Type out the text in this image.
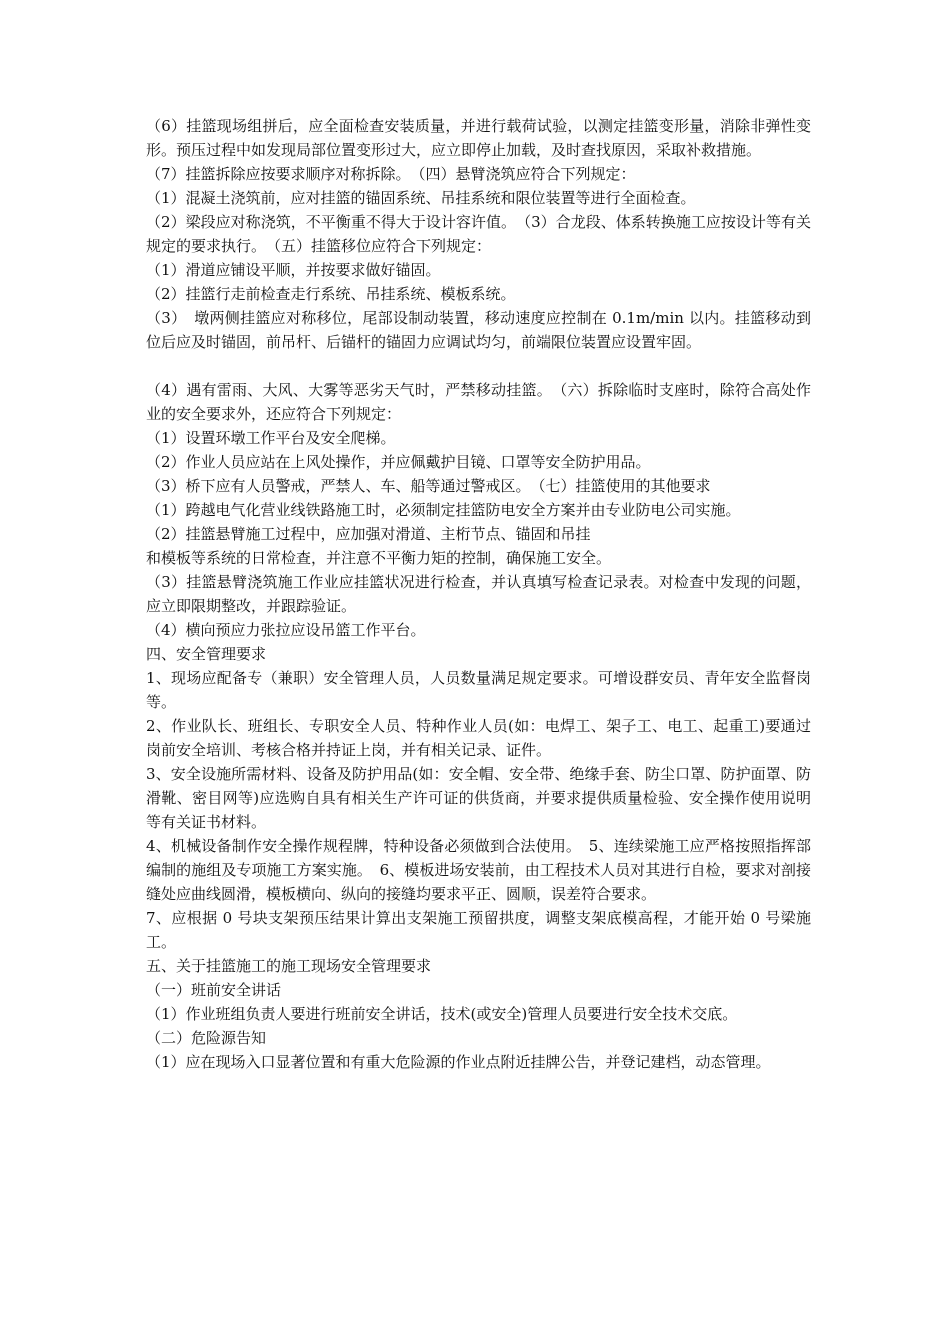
（6）挂篮现场组拼后，应全面检查安装质量，并进行载荷试验，以测定挂篮变形量，消除非弹性变形。预压过程中如发现局部位置变形过大，应立即停止加载，及时查找原因，采取补救措施。

（7）挂篮拆除应按要求顺序对称拆除。　（四）悬臂浇筑应符合下列规定：

（1）混凝土浇筑前，应对挂篮的锚固系统、吊挂系统和限位装置等进行全面检查。

（2）梁段应对称浇筑，不平衡重不得大于设计容许值。　（3）合龙段、体系转换施工应按设计等有关规定的要求执行。　（五）挂篮移位应符合下列规定：

（1）滑道应铺设平顺，并按要求做好锚固。

（2）挂篮行走前检查走行系统、吊挂系统、模板系统。

（3）　墩两侧挂篮应对称移位，尾部设制动装置，移动速度应控制在 0.1m/min 以内。挂篮移动到位后应及时锚固，前吊杆、后锚杆的锚固力应调试均匀，前端限位装置应设置牢固。

（4）遇有雷雨、大风、大雾等恶劣天气时，严禁移动挂篮。　（六）拆除临时支座时，除符合高处作业的安全要求外，还应符合下列规定：

（1）设置环墩工作平台及安全爬梯。

（2）作业人员应站在上风处操作，并应佩戴护目镜、口罩等安全防护用品。

（3）桥下应有人员警戒，严禁人、车、船等通过警戒区。　（七）挂篮使用的其他要求

（1）跨越电气化营业线铁路施工时，必须制定挂篮防电安全方案并由专业防电公司实施。

（2）挂篮悬臂施工过程中，应加强对滑道、主桁节点、锚固和吊挂

和模板等系统的日常检查，并注意不平衡力矩的控制，确保施工安全。

（3）挂篮悬臂浇筑施工作业应挂篮状况进行检查，并认真填写检查记录表。对检查中发现的问题，应立即限期整改，并跟踪验证。

（4）横向预应力张拉应设吊篮工作平台。

四、安全管理要求

1、现场应配备专（兼职）安全管理人员，人员数量满足规定要求。可增设群安员、青年安全监督岗等。

2、作业队长、班组长、专职安全人员、特种作业人员(如：电焊工、架子工、电工、起重工)要通过岗前安全培训、考核合格并持证上岗，并有相关记录、证件。

3、安全设施所需材料、设备及防护用品(如：安全帽、安全带、绝缘手套、防尘口罩、防护面罩、防滑靴、密目网等)应选购自具有相关生产许可证的供货商，并要求提供质量检验、安全操作使用说明等有关证书材料。

4、机械设备制作安全操作规程牌，特种设备必须做到合法使用。　5、连续梁施工应严格按照指挥部编制的施组及专项施工方案实施。　6、模板进场安装前，由工程技术人员对其进行自检，要求对剖接缝处应曲线圆滑，模板横向、纵向的接缝均要求平正、圆顺，误差符合要求。

7、应根据 0 号块支架预压结果计算出支架施工预留拱度，调整支架底模高程，才能开始 0 号梁施工。

五、关于挂篮施工的施工现场安全管理要求

（一）班前安全讲话

（1）作业班组负责人要进行班前安全讲话，技术(或安全)管理人员要进行安全技术交底。

（二）危险源告知

（1）应在现场入口显著位置和有重大危险源的作业点附近挂牌公告，并登记建档，动态管理。
